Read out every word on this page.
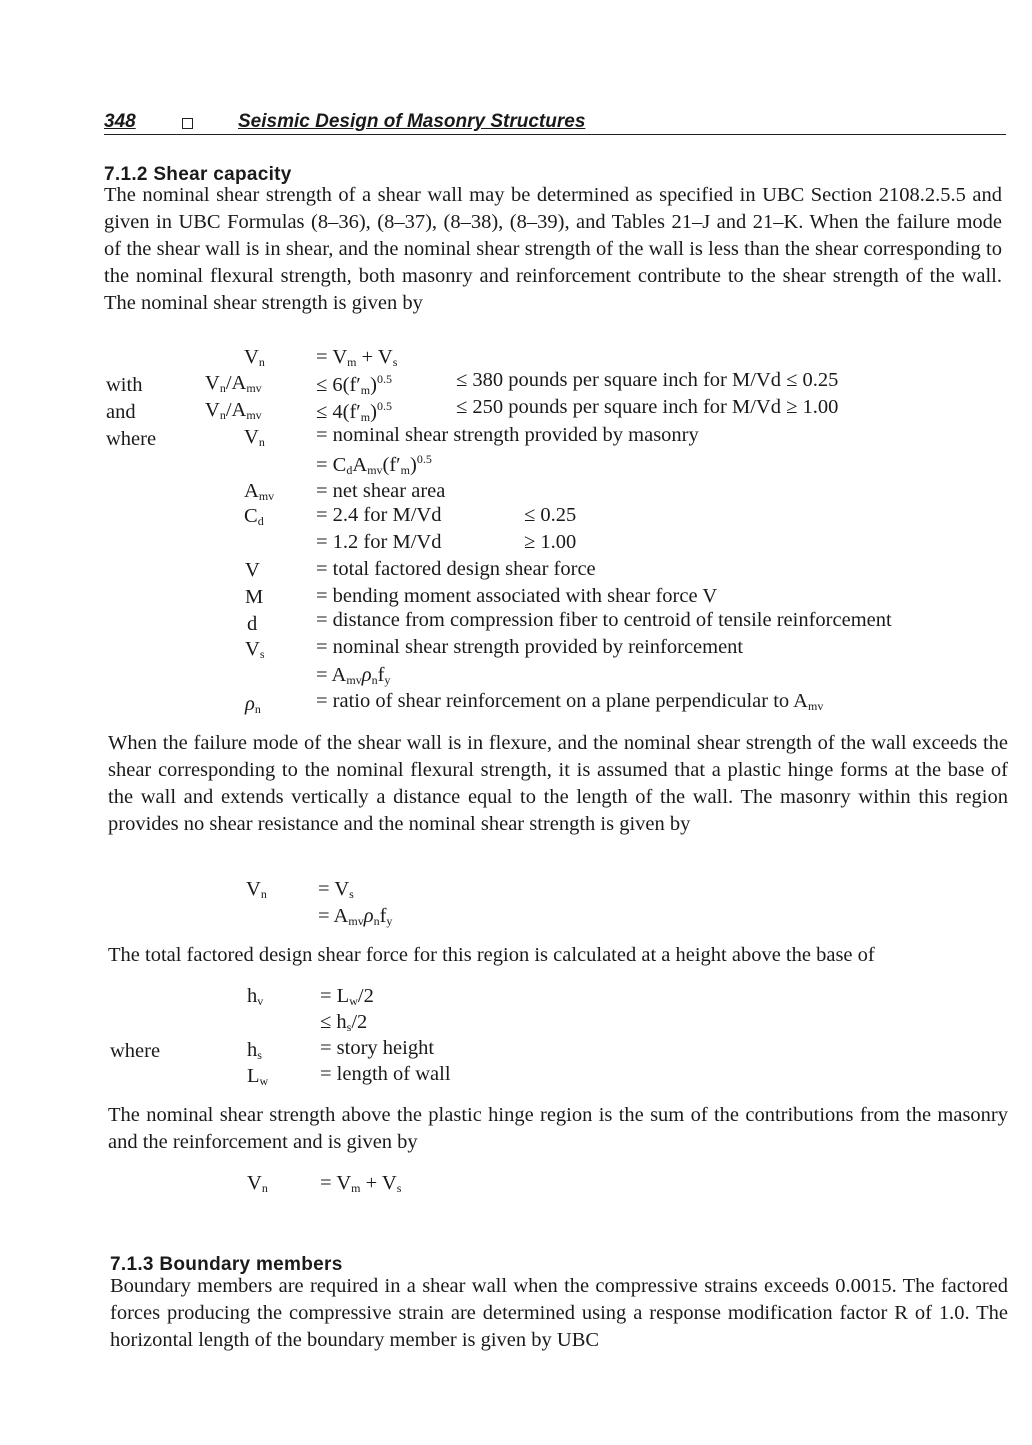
348	Seismic Design of Masonry Structures
7.1.2 Shear capacity
The nominal shear strength of a shear wall may be determined as specified in UBC Section 2108.2.5.5 and given in UBC Formulas (8–36), (8–37), (8–38), (8–39), and Tables 21–J and 21–K. When the failure mode of the shear wall is in shear, and the nominal shear strength of the wall is less than the shear corresponding to the nominal flexural strength, both masonry and reinforcement contribute to the shear strength of the wall. The nominal shear strength is given by
$V_n = V_m + V_s$
with	$V_n/A_{mv}$	≤ $6(f'_m)^{0.5}$	≤ 380 pounds per square inch for M/Vd ≤ 0.25
and	$V_n/A_{mv}$	≤ $4(f'_m)^{0.5}$	≤ 250 pounds per square inch for M/Vd ≥ 1.00
where	$V_n$ = nominal shear strength provided by masonry
= $C_dA_{mv}(f'_m)^{0.5}$
$A_{mv}$ = net shear area
$C_d$	= 2.4 for M/Vd	≤ 0.25
= 1.2 for M/Vd	≥ 1.00
V	= total factored design shear force
M	= bending moment associated with shear force V
d	= distance from compression fiber to centroid of tensile reinforcement
$V_s$	= nominal shear strength provided by reinforcement
= $A_{mv}\rho_nf_y$
$\rho_n$	= ratio of shear reinforcement on a plane perpendicular to $A_{mv}$
When the failure mode of the shear wall is in flexure, and the nominal shear strength of the wall exceeds the shear corresponding to the nominal flexural strength, it is assumed that a plastic hinge forms at the base of the wall and extends vertically a distance equal to the length of the wall. The masonry within this region provides no shear resistance and the nominal shear strength is given by
$V_n = V_s$
= $A_{mv}\rho_nf_y$
The total factored design shear force for this region is calculated at a height above the base of
$h_v$	= $L_w/2$
≤ $h_s/2$
where	$h_s$	= story height
$L_w$	= length of wall
The nominal shear strength above the plastic hinge region is the sum of the contributions from the masonry and the reinforcement and is given by
$V_n$	= $V_m + V_s$
7.1.3 Boundary members
Boundary members are required in a shear wall when the compressive strains exceeds 0.0015. The factored forces producing the compressive strain are determined using a response modification factor R of 1.0. The horizontal length of the boundary member is given by UBC
